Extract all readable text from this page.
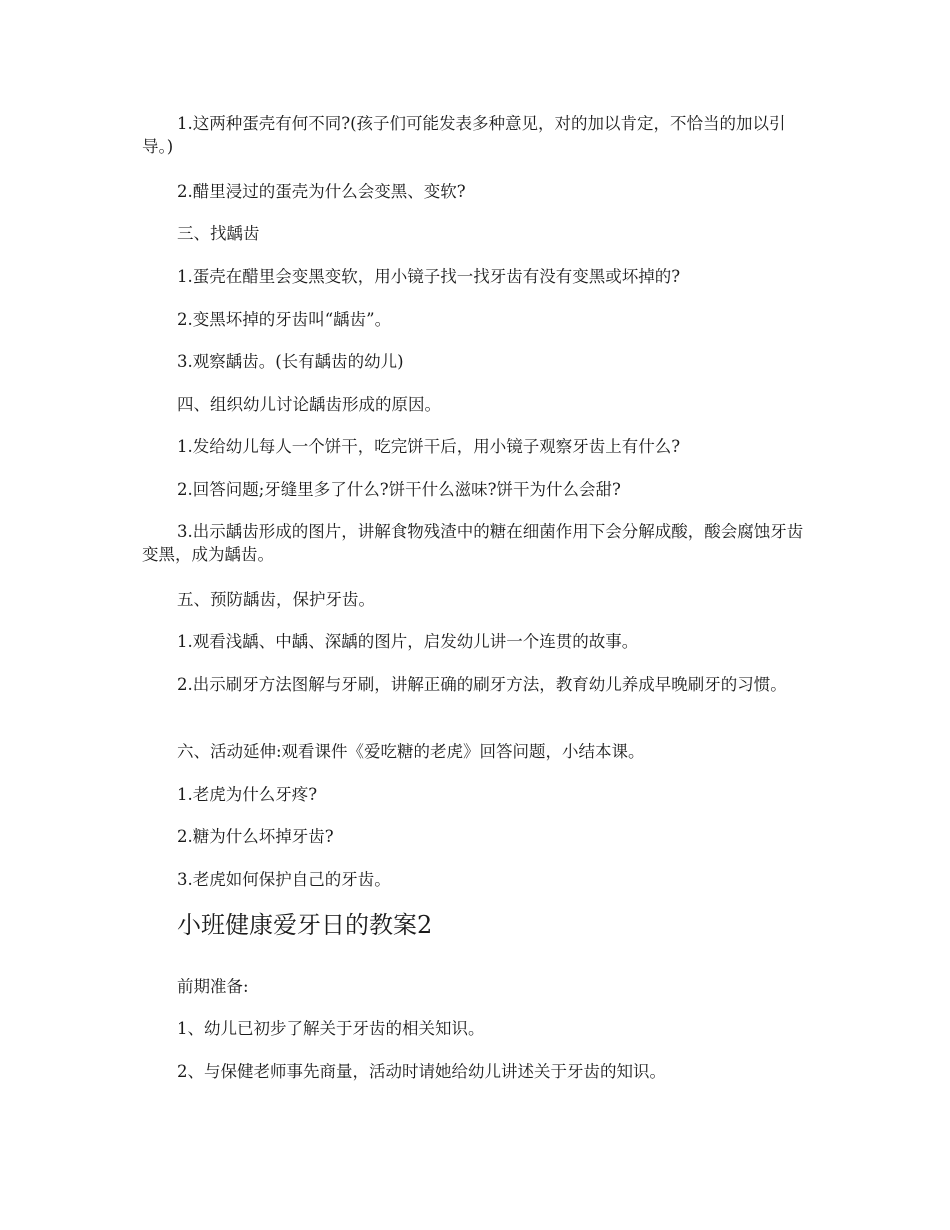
1.这两种蛋壳有何不同?(孩子们可能发表多种意见，对的加以肯定，不恰当的加以引导。)

2.醋里浸过的蛋壳为什么会变黑、变软?

三、找龋齿

1.蛋壳在醋里会变黑变软，用小镜子找一找牙齿有没有变黑或坏掉的?

2.变黑坏掉的牙齿叫“龋齿”。

3.观察龋齿。(长有龋齿的幼儿)

四、组织幼儿讨论龋齿形成的原因。

1.发给幼儿每人一个饼干，吃完饼干后，用小镜子观察牙齿上有什么?

2.回答问题;牙缝里多了什么?饼干什么滋味?饼干为什么会甜?

3.出示龋齿形成的图片，讲解食物残渣中的糖在细菌作用下会分解成酸，酸会腐蚀牙齿变黑，成为龋齿。

五、预防龋齿，保护牙齿。

1.观看浅龋、中龋、深龋的图片，启发幼儿讲一个连贯的故事。

2.出示刷牙方法图解与牙刷，讲解正确的刷牙方法，教育幼儿养成早晚刷牙的习惯。

六、活动延伸:观看课件《爱吃糖的老虎》回答问题，小结本课。

1.老虎为什么牙疼?

2.糖为什么坏掉牙齿?

3.老虎如何保护自己的牙齿。

小班健康爱牙日的教案2

前期准备:

1、幼儿已初步了解关于牙齿的相关知识。

2、与保健老师事先商量，活动时请她给幼儿讲述关于牙齿的知识。
